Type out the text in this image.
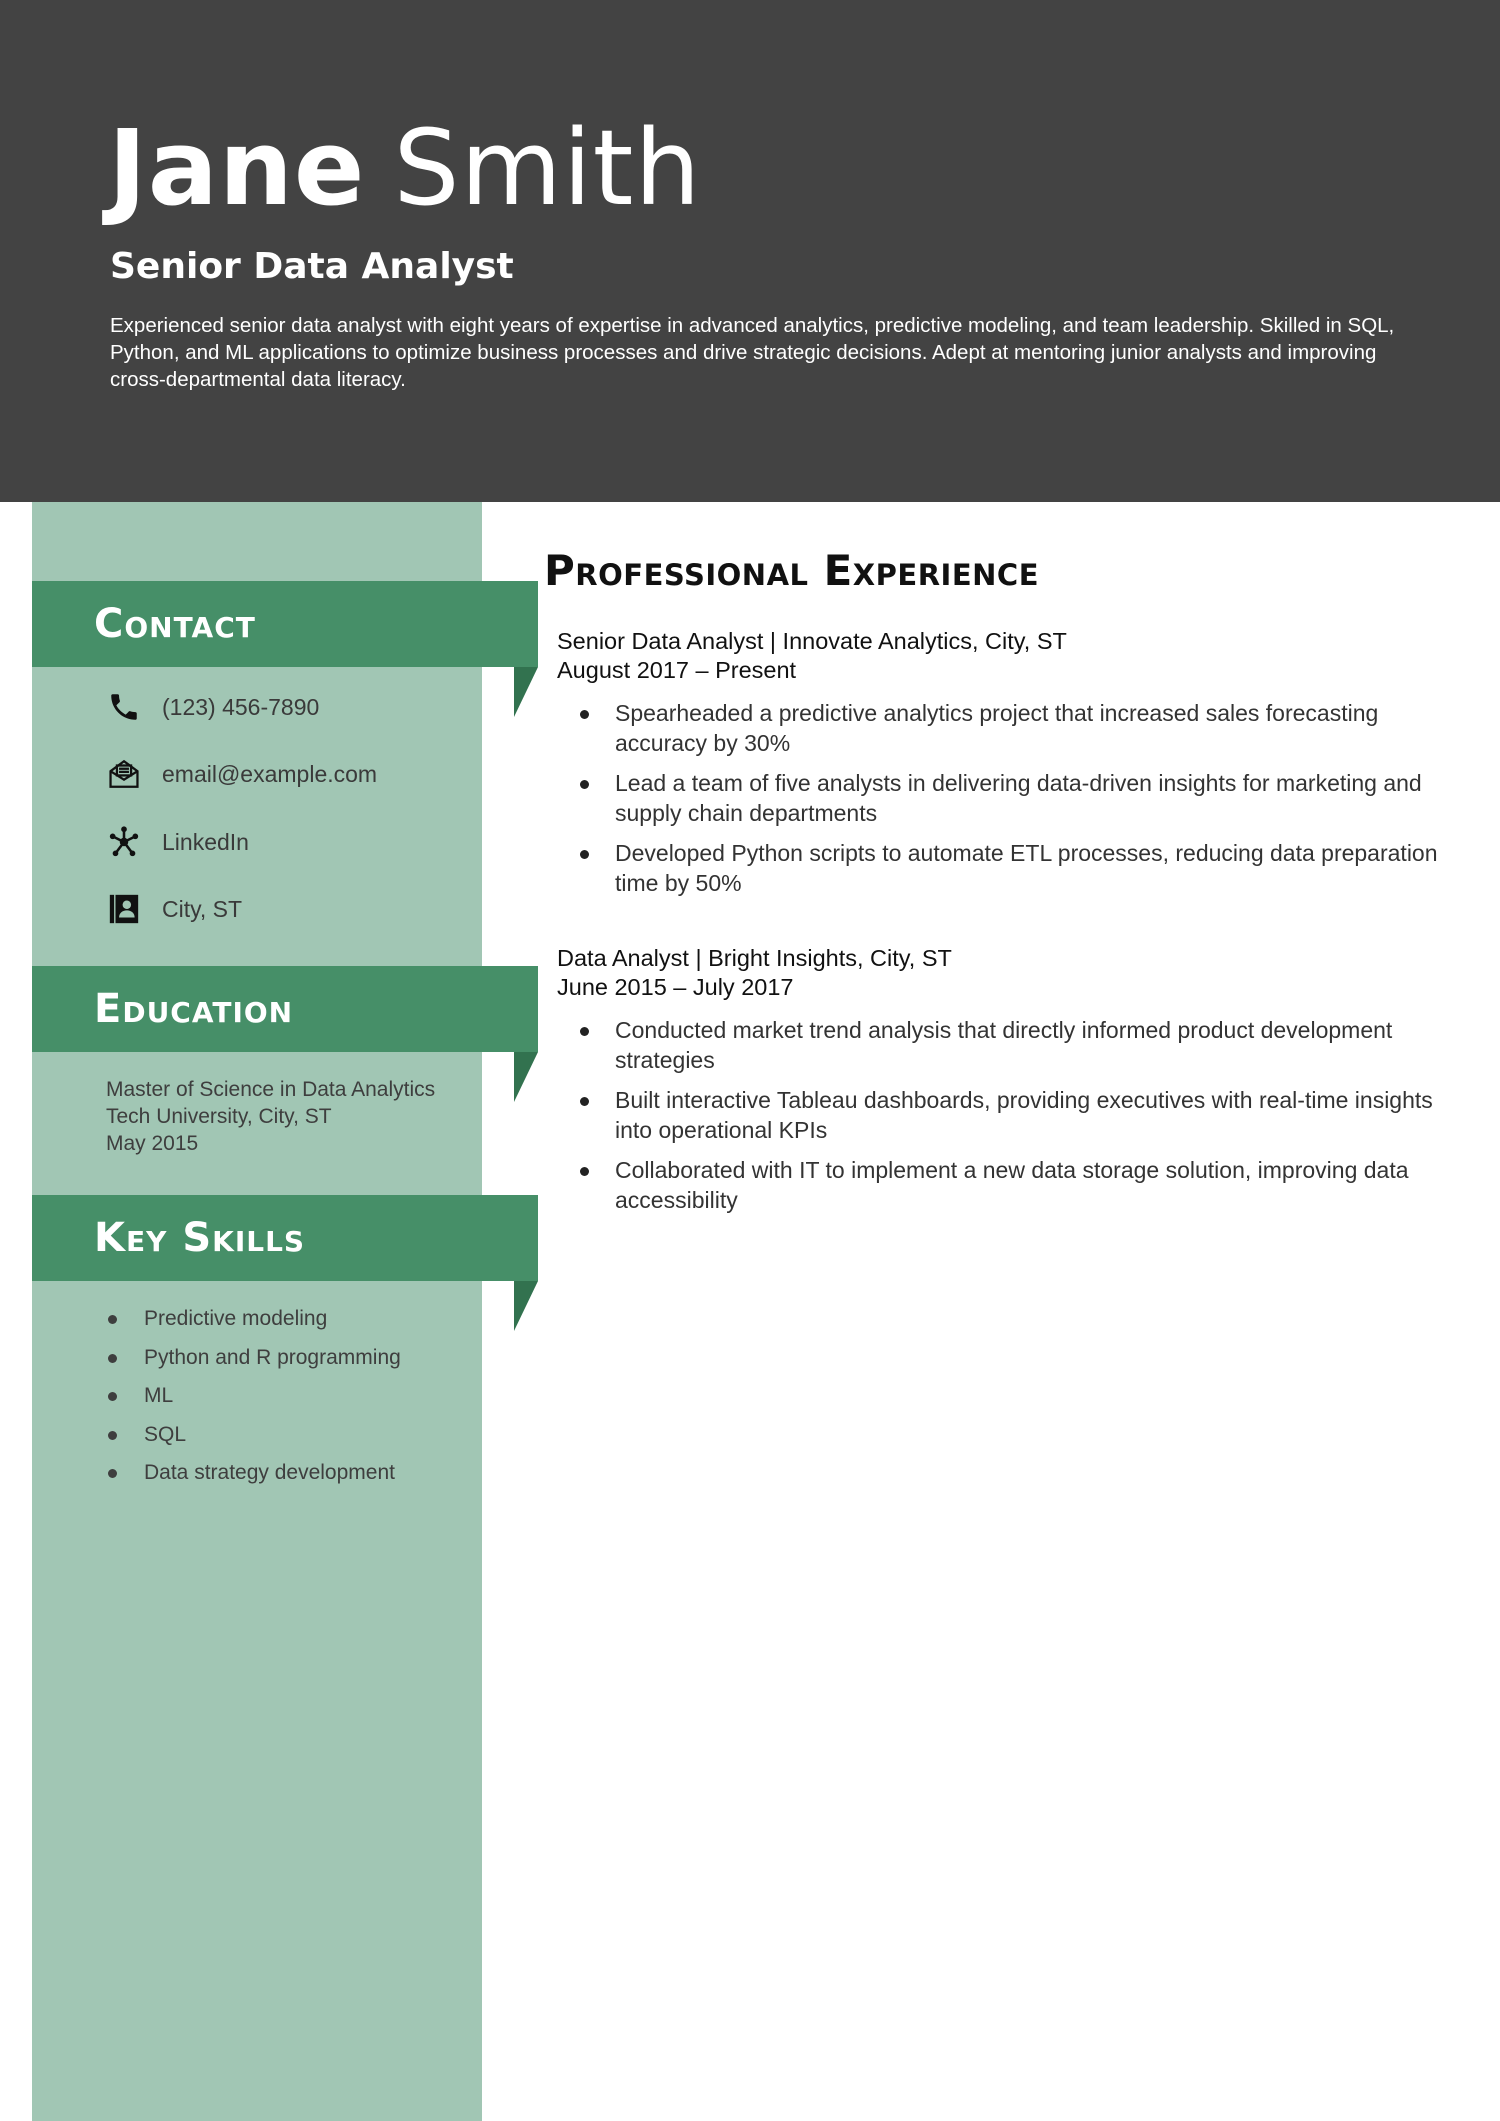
Jane Smith
Senior Data Analyst
Experienced senior data analyst with eight years of expertise in advanced analytics, predictive modeling, and team leadership. Skilled in SQL, Python, and ML applications to optimize business processes and drive strategic decisions. Adept at mentoring junior analysts and improving cross-departmental data literacy.
Contact
(123) 456-7890
email@example.com
LinkedIn
City, ST
Education
Master of Science in Data Analytics
Tech University, City, ST
May 2015
Key Skills
Predictive modeling
Python and R programming
ML
SQL
Data strategy development
Professional Experience
Senior Data Analyst | Innovate Analytics, City, ST
August 2017 – Present
Spearheaded a predictive analytics project that increased sales forecasting accuracy by 30%
Lead a team of five analysts in delivering data-driven insights for marketing and supply chain departments
Developed Python scripts to automate ETL processes, reducing data preparation time by 50%
Data Analyst | Bright Insights, City, ST
June 2015 – July 2017
Conducted market trend analysis that directly informed product development strategies
Built interactive Tableau dashboards, providing executives with real-time insights into operational KPIs
Collaborated with IT to implement a new data storage solution, improving data accessibility
